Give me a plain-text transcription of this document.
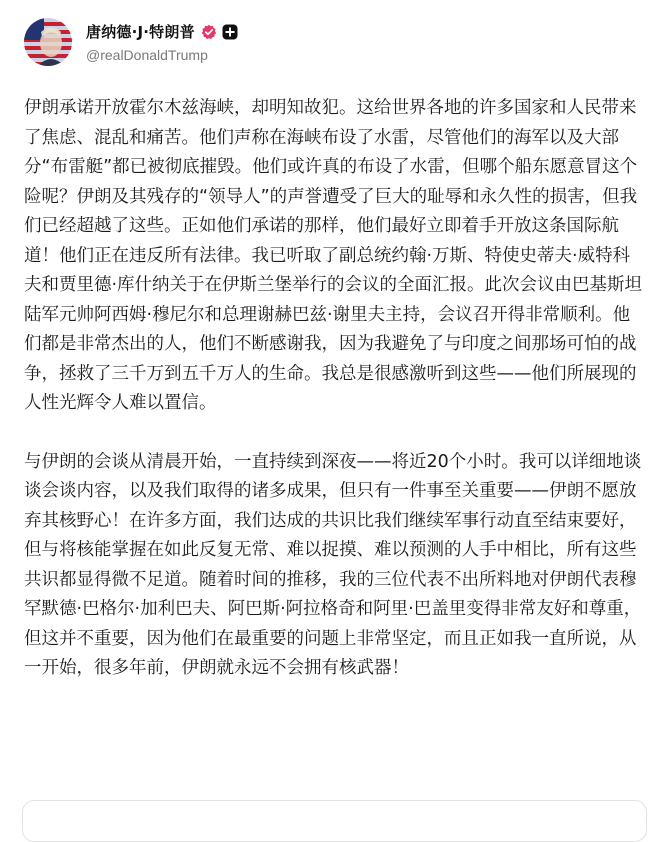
唐纳德·J·特朗普
@realDonaldTrump

伊朗承诺开放霍尔木兹海峡，却明知故犯。这给世界各地的许多国家和人民带来了焦虑、混乱和痛苦。他们声称在海峡布设了水雷，尽管他们的海军以及大部分“布雷艇”都已被彻底摧毁。他们或许真的布设了水雷，但哪个船东愿意冒这个险呢？伊朗及其残存的“领导人”的声誉遭受了巨大的耻辱和永久性的损害，但我们已经超越了这些。正如他们承诺的那样，他们最好立即着手开放这条国际航道！他们正在违反所有法律。我已听取了副总统约翰·万斯、特使史蒂夫·威特科夫和贾里德·库什纳关于在伊斯兰堡举行的会议的全面汇报。此次会议由巴基斯坦陆军元帅阿西姆·穆尼尔和总理谢赫巴兹·谢里夫主持，会议召开得非常顺利。他们都是非常杰出的人，他们不断感谢我，因为我避免了与印度之间那场可怕的战争，拯救了三千万到五千万人的生命。我总是很感激听到这些——他们所展现的人性光辉令人难以置信。

与伊朗的会谈从清晨开始，一直持续到深夜——将近20个小时。我可以详细地谈谈会谈内容，以及我们取得的诸多成果，但只有一件事至关重要——伊朗不愿放弃其核野心！在许多方面，我们达成的共识比我们继续军事行动直至结束要好，但与将核能掌握在如此反复无常、难以捉摸、难以预测的人手中相比，所有这些共识都显得微不足道。随着时间的推移，我的三位代表不出所料地对伊朗代表穆罕默德·巴格尔·加利巴夫、阿巴斯·阿拉格奇和阿里·巴盖里变得非常友好和尊重，但这并不重要，因为他们在最重要的问题上非常坚定，而且正如我一直所说，从一开始，很多年前，伊朗就永远不会拥有核武器！
